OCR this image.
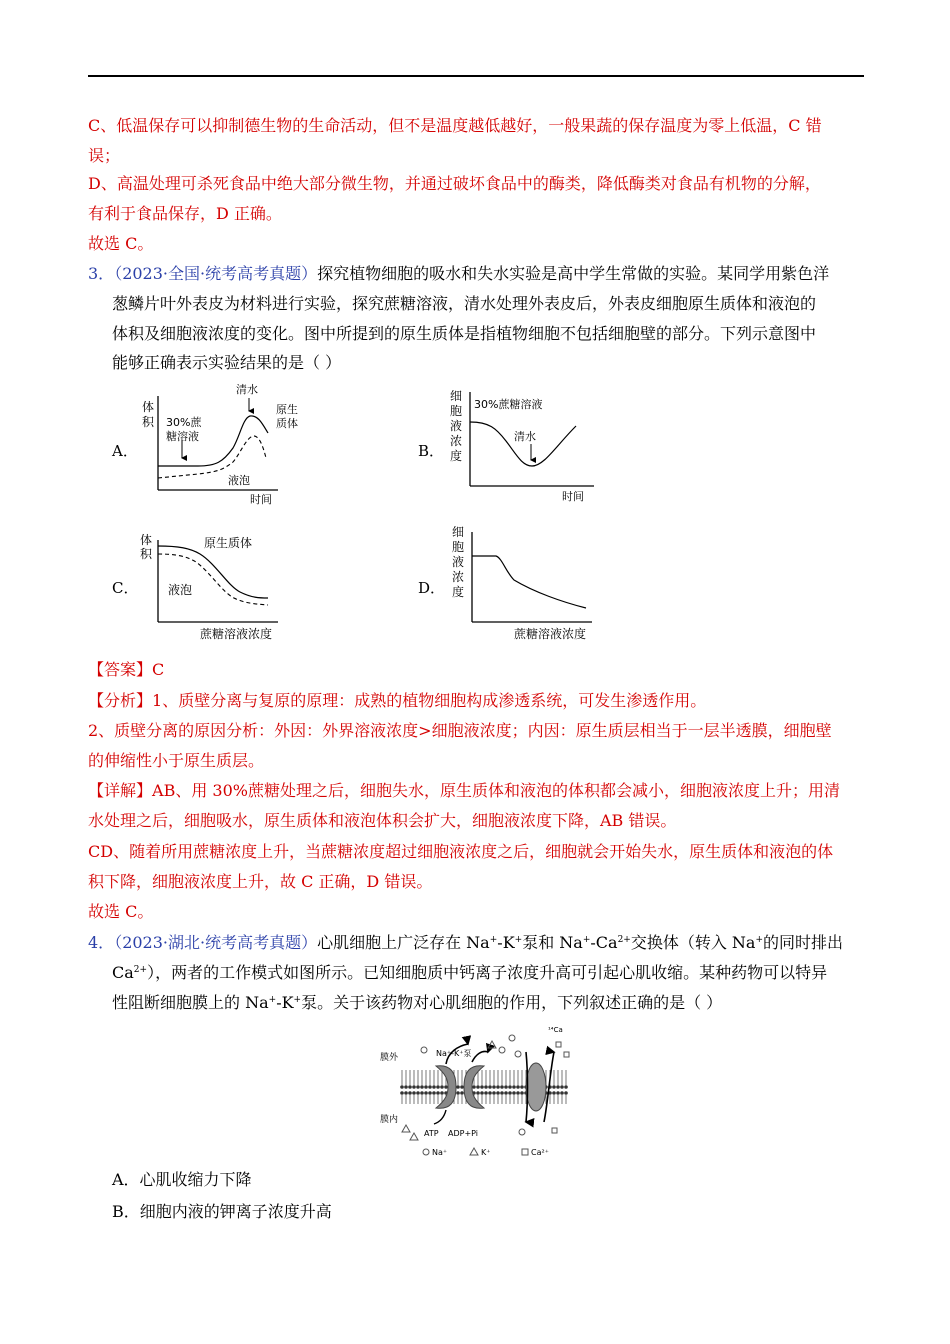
C、低温保存可以抑制德生物的生命活动，但不是温度越低越好，一般果蔬的保存温度为零上低温，C 错
误；
D、高温处理可杀死食品中绝大部分微生物，并通过破坏食品中的酶类，降低酶类对食品有机物的分解，
有利于食品保存，D 正确。
故选 C。
3．（2023·全国·统考高考真题）探究植物细胞的吸水和失水实验是高中学生常做的实验。某同学用紫色洋
葱鳞片叶外表皮为材料进行实验，探究蔗糖溶液，清水处理外表皮后，外表皮细胞原生质体和液泡的
体积及细胞液浓度的变化。图中所提到的原生质体是指植物细胞不包括细胞壁的部分。下列示意图中
能够正确表示实验结果的是（ ）
A．
体
积 30%蔗
糖溶液
清水
原生
质体
液泡
时间
B．
细
胞
液
浓
度
30%蔗糖溶液
清水
时间
C．
体
积
原生质体
液泡
蔗糖溶液浓度
D．
细
胞
液
浓
度
蔗糖溶液浓度
【答案】C
【分析】1、质壁分离与复原的原理：成熟的植物细胞构成渗透系统，可发生渗透作用。
2、质壁分离的原因分析：外因：外界溶液浓度>细胞液浓度；内因：原生质层相当于一层半透膜，细胞壁
的伸缩性小于原生质层。
【详解】AB、用 30%蔗糖处理之后，细胞失水，原生质体和液泡的体积都会减小，细胞液浓度上升；用清
水处理之后，细胞吸水，原生质体和液泡体积会扩大，细胞液浓度下降，AB 错误。
CD、随着所用蔗糖浓度上升，当蔗糖浓度超过细胞液浓度之后，细胞就会开始失水，原生质体和液泡的体
积下降，细胞液浓度上升，故 C 正确，D 错误。
故选 C。
4．（2023·湖北·统考高考真题）心肌细胞上广泛存在 Na+-K+泵和 $Na^+-Ca^{2+}$交换体（转入 Na+的同时排出
$Ca^{2+}$），两者的工作模式如图所示。已知细胞质中钙离子浓度升高可引起心肌收缩。某种药物可以特异
性阻断细胞膜上的 Na+-K+泵。关于该药物对心肌细胞的作用，下列叙述正确的是（ ）
膜外
膜内
Na⁺-K⁺泵
ATP ADP+Pi
¹⁴Ca
Na⁺	K⁺	Ca²⁺
A．心肌收缩力下降
B．细胞内液的钾离子浓度升高
